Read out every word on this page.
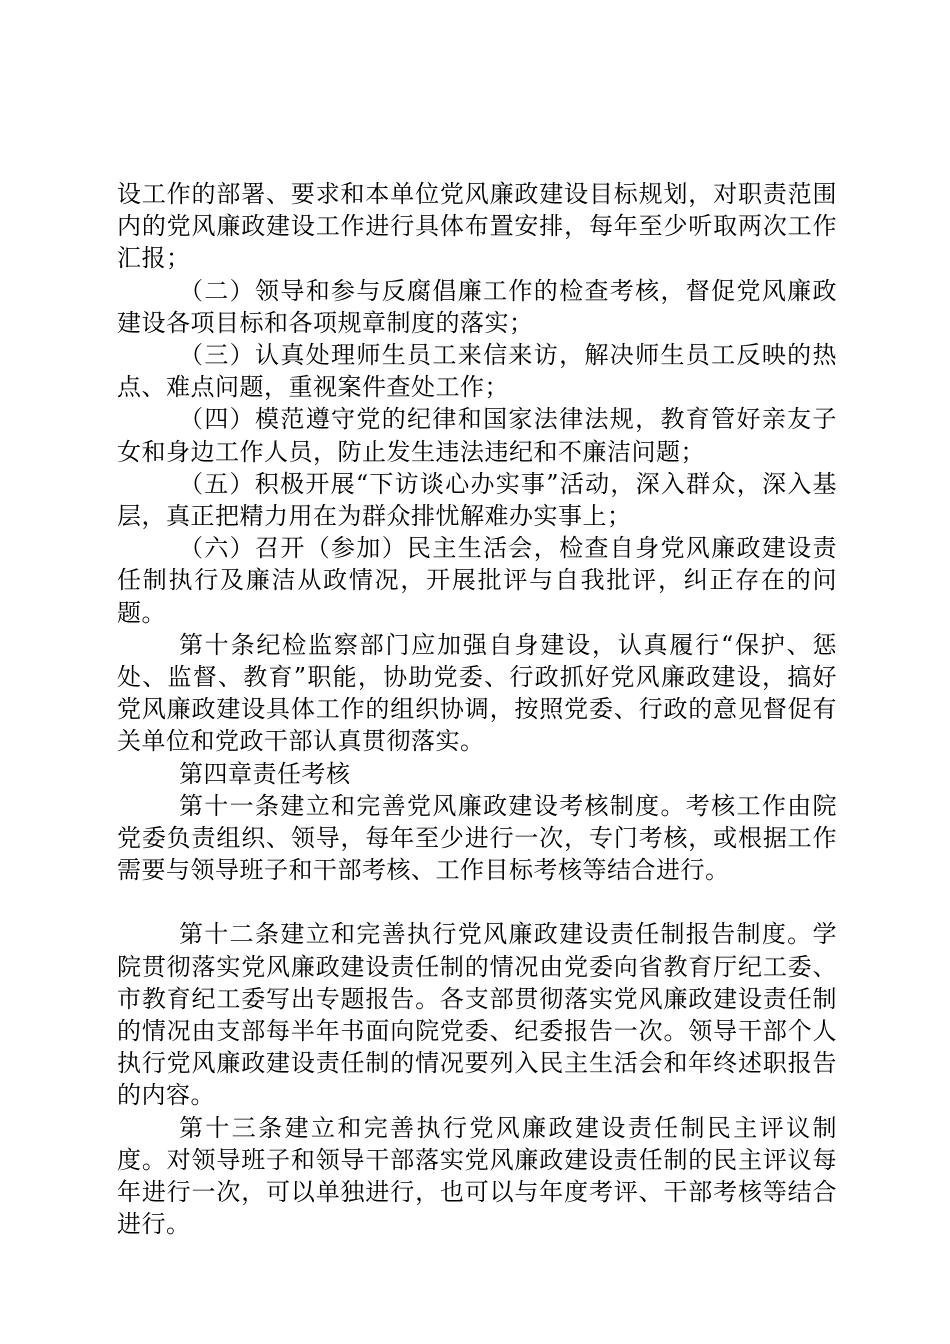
设工作的部署、要求和本单位党风廉政建设目标规划，对职责范围内的党风廉政建设工作进行具体布置安排，每年至少听取两次工作汇报；

（二）领导和参与反腐倡廉工作的检查考核，督促党风廉政建设各项目标和各项规章制度的落实；

（三）认真处理师生员工来信来访，解决师生员工反映的热点、难点问题，重视案件查处工作；

（四）模范遵守党的纪律和国家法律法规，教育管好亲友子女和身边工作人员，防止发生违法违纪和不廉洁问题；

（五）积极开展“下访谈心办实事”活动，深入群众，深入基层，真正把精力用在为群众排忧解难办实事上；

（六）召开（参加）民主生活会，检查自身党风廉政建设责任制执行及廉洁从政情况，开展批评与自我批评，纠正存在的问题。

第十条纪检监察部门应加强自身建设，认真履行“保护、惩处、监督、教育”职能，协助党委、行政抓好党风廉政建设，搞好党风廉政建设具体工作的组织协调，按照党委、行政的意见督促有关单位和党政干部认真贯彻落实。

第四章责任考核

第十一条建立和完善党风廉政建设考核制度。考核工作由院党委负责组织、领导，每年至少进行一次，专门考核，或根据工作需要与领导班子和干部考核、工作目标考核等结合进行。

第十二条建立和完善执行党风廉政建设责任制报告制度。学院贯彻落实党风廉政建设责任制的情况由党委向省教育厅纪工委、市教育纪工委写出专题报告。各支部贯彻落实党风廉政建设责任制的情况由支部每半年书面向院党委、纪委报告一次。领导干部个人执行党风廉政建设责任制的情况要列入民主生活会和年终述职报告的内容。

第十三条建立和完善执行党风廉政建设责任制民主评议制度。对领导班子和领导干部落实党风廉政建设责任制的民主评议每年进行一次，可以单独进行，也可以与年度考评、干部考核等结合进行。
